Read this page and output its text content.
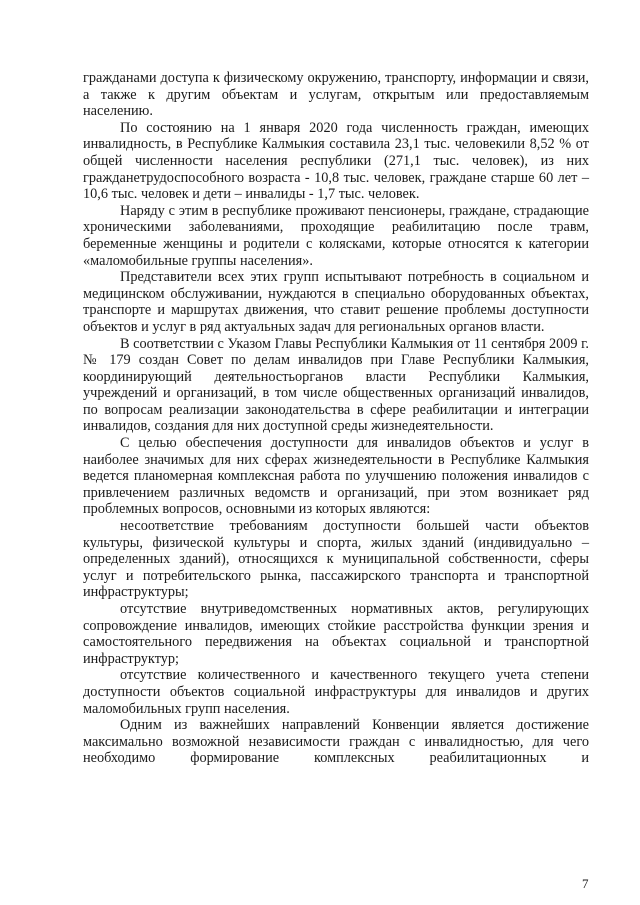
гражданами доступа к физическому окружению, транспорту, информации и связи, а также к другим объектам и услугам, открытым или предоставляемым населению.

По состоянию на 1 января 2020 года численность граждан, имеющих инвалидность, в Республике Калмыкия составила 23,1 тыс. человекили 8,52 % от общей численности населения республики (271,1 тыс. человек), из них гражданетрудоспособного возраста - 10,8 тыс. человек, граждане старше 60 лет – 10,6 тыс. человек и дети – инвалиды - 1,7 тыс. человек.

Наряду с этим в республике проживают пенсионеры, граждане, страдающие хроническими заболеваниями, проходящие реабилитацию после травм, беременные женщины и родители с колясками, которые относятся к категории «маломобильные группы населения».

Представители всех этих групп испытывают потребность в социальном и медицинском обслуживании, нуждаются в специально оборудованных объектах, транспорте и маршрутах движения, что ставит решение проблемы доступности объектов и услуг в ряд актуальных задач для региональных органов власти.

В соответствии с Указом Главы Республики Калмыкия от 11 сентября 2009 г. № 179 создан Совет по делам инвалидов при Главе Республики Калмыкия, координирующий деятельностьорганов власти Республики Калмыкия, учреждений и организаций, в том числе общественных организаций инвалидов, по вопросам реализации законодательства в сфере реабилитации и интеграции инвалидов, создания для них доступной среды жизнедеятельности.

С целью обеспечения доступности для инвалидов объектов и услуг в наиболее значимых для них сферах жизнедеятельности в Республике Калмыкия ведется планомерная комплексная работа по улучшению положения инвалидов с привлечением различных ведомств и организаций, при этом возникает ряд проблемных вопросов, основными из которых являются:

несоответствие требованиям доступности большей части объектов культуры, физической культуры и спорта, жилых зданий (индивидуально – определенных зданий), относящихся к муниципальной собственности, сферы услуг и потребительского рынка, пассажирского транспорта и транспортной инфраструктуры;

отсутствие внутриведомственных нормативных актов, регулирующих сопровождение инвалидов, имеющих стойкие расстройства функции зрения и самостоятельного передвижения на объектах социальной и транспортной инфраструктур;

отсутствие количественного и качественного текущего учета степени доступности объектов социальной инфраструктуры для инвалидов и других маломобильных групп населения.

Одним из важнейших направлений Конвенции является достижение максимально возможной независимости граждан с инвалидностью, для чего необходимо формирование комплексных реабилитационных и

7
